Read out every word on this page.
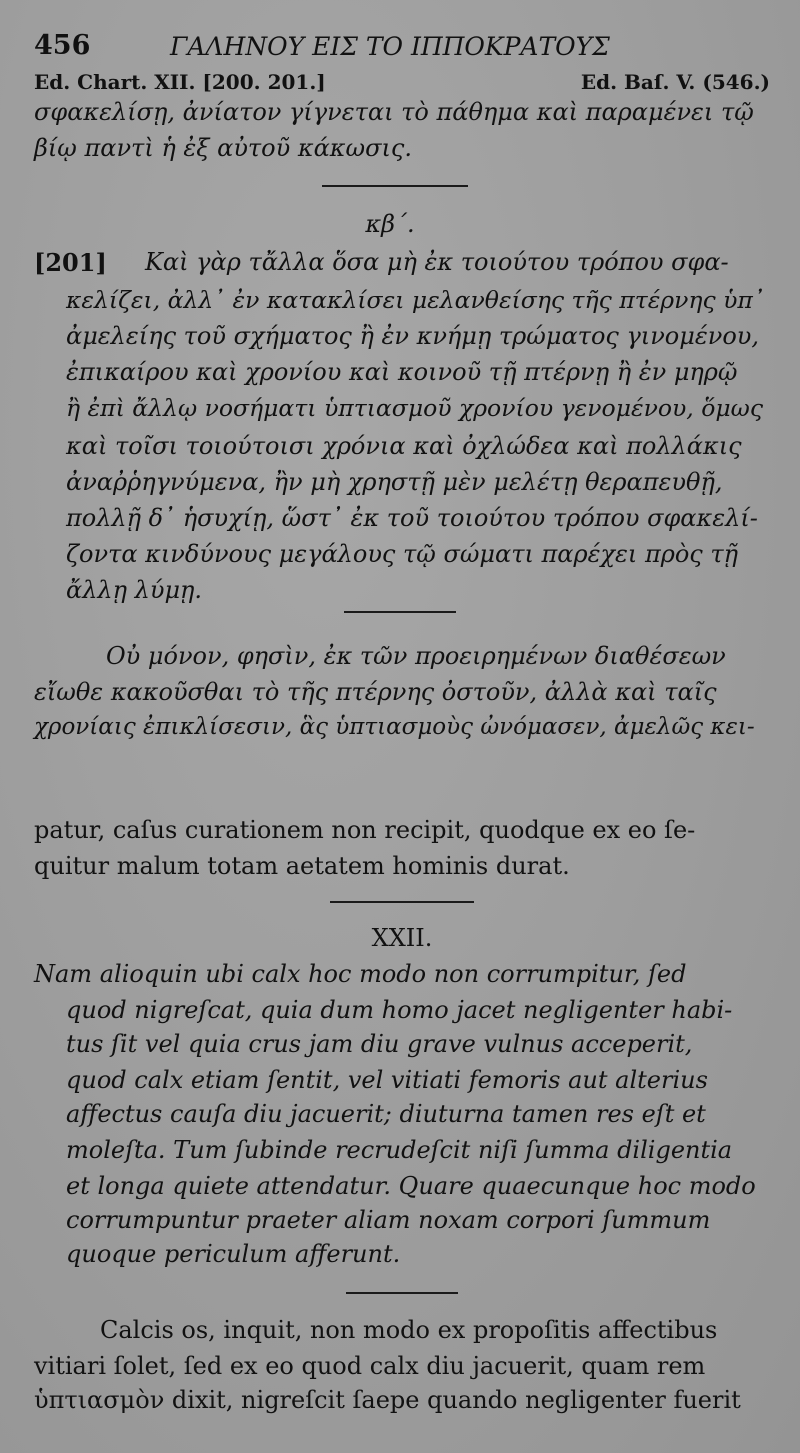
456	ΓΑΛΗΝΟΥ ΕΙΣ ΤΟ ΙΠΠΟΚΡΑΤΟΥΣ
Ed. Chart. XII. [200. 201.]	Ed. Baſ. V. (546.)
σφακελίσῃ, ἀνίατον γίγνεται τὸ πάθημα καὶ παραμένει τῷ
βίῳ παντὶ ἡ ἐξ αὐτοῦ κάκωσις.
κβ΄.
[201]	Καὶ γὰρ τἄλλα ὅσα μὴ ἐκ τοιούτου τρόπου σφα-
κελίζει, ἀλλ᾽ ἐν κατακλίσει μελανθείσης τῆς πτέρνης ὑπ᾽
ἀμελείης τοῦ σχήματος ἢ ἐν κνήμῃ τρώματος γινομένου,
ἐπικαίρου καὶ χρονίου καὶ κοινοῦ τῇ πτέρνῃ ἢ ἐν μηρῷ
ἢ ἐπὶ ἄλλῳ νοσήματι ὑπτιασμοῦ χρονίου γενομένου, ὅμως
καὶ τοῖσι τοιούτοισι χρόνια καὶ ὀχλώδεα καὶ πολλάκις
ἀναῤῥηγνύμενα, ἢν μὴ χρηστῇ μὲν μελέτῃ θεραπευθῇ,
πολλῇ δ᾽ ἡσυχίῃ, ὥστ᾽ ἐκ τοῦ τοιούτου τρόπου σφακελί-
ζοντα κινδύνους μεγάλους τῷ σώματι παρέχει πρὸς τῇ
ἄλλῃ λύμῃ.
Οὐ μόνον, φησὶν, ἐκ τῶν προειρημένων διαθέσεων
εἴωθε κακοῦσθαι τὸ τῆς πτέρνης ὀστοῦν, ἀλλὰ καὶ ταῖς
χρονίαις ἐπικλίσεσιν, ἃς ὑπτιασμοὺς ὠνόμασεν, ἀμελῶς κει-
patur, caſus curationem non recipit, quodque ex eo ſe-
quitur malum totam aetatem hominis durat.
XXII.
Nam alioquin ubi calx hoc modo non corrumpitur, ſed
quod nigreſcat, quia dum homo jacet negligenter habi-
tus ſit vel quia crus jam diu grave vulnus acceperit,
quod calx etiam ſentit, vel vitiati femoris aut alterius
affectus cauſa diu jacuerit; diuturna tamen res eſt et
moleſta. Tum ſubinde recrudeſcit niſi ſumma diligentia
et longa quiete attendatur. Quare quaecunque hoc modo
corrumpuntur praeter aliam noxam corpori ſummum
quoque periculum afferunt.
Calcis os, inquit, non modo ex propoſitis affectibus
vitiari ſolet, ſed ex eo quod calx diu jacuerit, quam rem
ὑπτιασμὸν dixit, nigreſcit ſaepe quando negligenter fuerit
